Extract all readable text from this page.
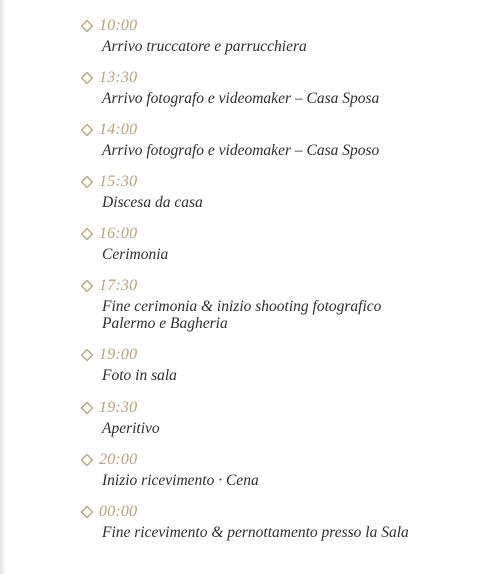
10:00
Arrivo truccatore e parrucchiera
13:30
Arrivo fotografo e videomaker – Casa Sposa
14:00
Arrivo fotografo e videomaker – Casa Sposo
15:30
Discesa da casa
16:00
Cerimonia
17:30
Fine cerimonia & inizio shooting fotografico Palermo e Bagheria
19:00
Foto in sala
19:30
Aperitivo
20:00
Inizio ricevimento · Cena
00:00
Fine ricevimento & pernottamento presso la Sala
